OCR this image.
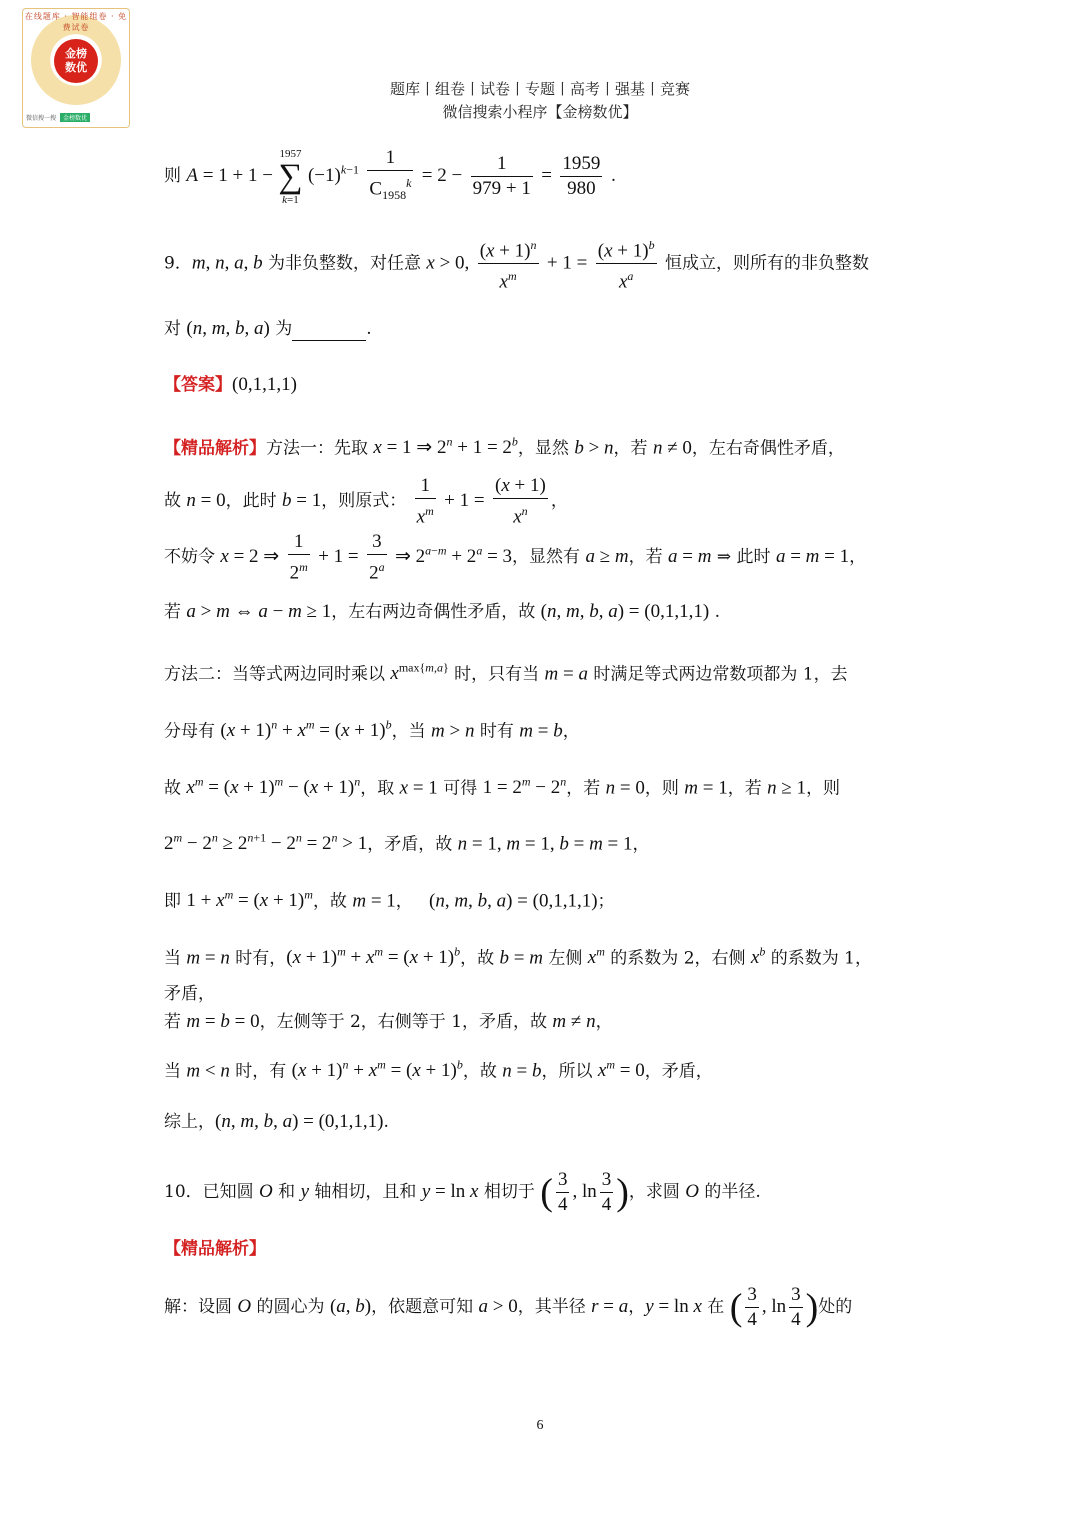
在线题库 · 智能组卷 · 免费试卷
金榜
数优
微信搜一搜 金榜数优
题库丨组卷丨试卷丨专题丨高考丨强基丨竞赛
微信搜索小程序【金榜数优】
则 A = 1 + 1 −
1957
∑
k=1
$(-1)^{k-1} \frac{1}{C_{1958}^k} = 2 - \frac{1}{979 + 1} = \frac{1959}{980}$ .
9．m, n, a, b 为非负整数，对任意 x > 0, $\frac{(x + 1)^n}{x^m} + 1 = \frac{(x + 1)^b}{x^a}$ 恒成立，则所有的非负整数
对 (n, m, b, a) 为	.
【答案】(0,1,1,1)
【精品解析】方法一：先取 x = 1 ⇒ $2^n + 1 = 2^b$，显然 b > n，若 n ≠ 0，左右奇偶性矛盾，
故 n = 0，此时 b = 1，则原式： $\frac{1}{x^m} + 1 = \frac{(x + 1)}{x^n}$ ，
不妨令 x = 2 ⇒ $\frac{1}{2^m} + 1 = \frac{3}{2^a}$ ⇒ $2^{a-m} + 2^a = 3$，显然有 a ≥ m，若 a = m ⇒ 此时 a = m = 1，
若 a > m ⇔ a − m ≥ 1，左右两边奇偶性矛盾，故 (n, m, b, a) = (0,1,1,1) .
方法二：当等式两边同时乘以 $x^{max\{m,a\}}$ 时，只有当 m = a 时满足等式两边常数项都为 1，去
分母有 $(x + 1)^n + x^m = (x + 1)^b$，当 m > n 时有 m = b，
故 $x^m = (x + 1)^m - (x + 1)^n$，取 x = 1 可得 $1 = 2^m - 2^n$，若 n = 0，则 m = 1，若 n ≥ 1，则
$2^m - 2^n \ge 2^{n+1} - 2^n = 2^n > 1$，矛盾，故 n = 1, m = 1, b = m = 1，
即 $1 + x^m = (x + 1)^m$，故 m = 1，   (n, m, b, a) = (0,1,1,1)；
当 m = n 时有，$(x + 1)^m + x^m = (x + 1)^b$，故 b = m 左侧 $x^m$ 的系数为 2，右侧 $x^b$ 的系数为 1，
矛盾，
若 m = b = 0，左侧等于 2，右侧等于 1，矛盾，故 m ≠ n，
当 m < n 时，有 $(x + 1)^n + x^m = (x + 1)^b$，故 n = b，所以 $x^m = 0$，矛盾，
综上，(n, m, b, a) = (0,1,1,1).
10．已知圆 O 和 y 轴相切，且和 y = ln x 相切于 ( $\frac{3}{4}$ , $\ln \frac{3}{4}$ )，求圆 O 的半径.
【精品解析】
解：设圆 O 的圆心为 (a, b)，依题意可知 a > 0，其半径 r = a，y = ln x 在 ( $\frac{3}{4}$ , $\ln \frac{3}{4}$ )处的
6
